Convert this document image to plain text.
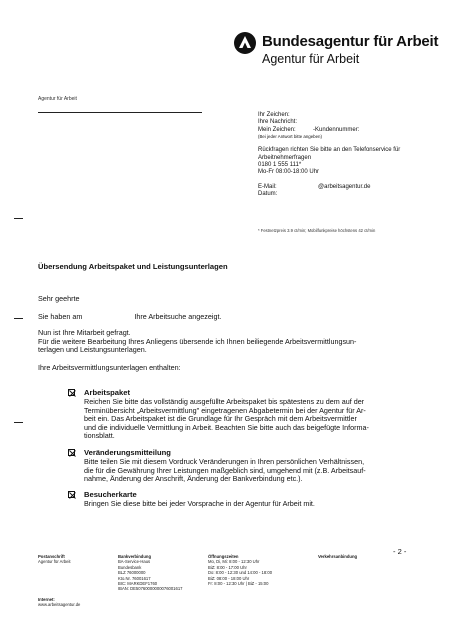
Bundesagentur für Arbeit
Agentur für Arbeit
Agentur für Arbeit
Ihr Zeichen:
Ihre Nachricht:
Mein Zeichen:	-Kundennummer:
(Bei jeder Antwort bitte angeben)
Rückfragen richten Sie bitte an den Telefonservice für
Arbeitnehmerfragen
0180 1 555 111*
Mo-Fr 08:00-18:00 Uhr
E-Mail:	@arbeitsagentur.de
Datum:
* Festnetzpreis 3.9 ct/min; Mobilfunkpreise höchstens 42 ct/min
Übersendung Arbeitspaket und Leistungsunterlagen
Sehr geehrte
Sie haben am	Ihre Arbeitsuche angezeigt.
Nun ist Ihre Mitarbeit gefragt.
Für die weitere Bearbeitung Ihres Anliegens übersende ich Ihnen beiliegende Arbeitsvermittlungsun-
terlagen und Leistungsunterlagen.
Ihre Arbeitsvermittlungsunterlagen enthalten:
Arbeitspaket
Reichen Sie bitte das vollständig ausgefüllte Arbeitspaket bis spätestens zu dem auf der
Terminübersicht „Arbeitsvermittlung" eingetragenen Abgabetermin bei der Agentur für Ar-
beit ein. Das Arbeitspaket ist die Grundlage für Ihr Gespräch mit dem Arbeitsvermittler
und die individuelle Vermittlung in Arbeit. Beachten Sie bitte auch das beigefügte Informa-
tionsblatt.
Veränderungsmitteilung
Bitte teilen Sie mit diesem Vordruck Veränderungen in Ihren persönlichen Verhältnissen,
die für die Gewährung Ihrer Leistungen maßgeblich sind, umgehend mit (z.B. Arbeitsauf-
nahme, Änderung der Anschrift, Änderung der Bankverbindung etc.).
Besucherkarte
Bringen Sie diese bitte bei jeder Vorsprache in der Agentur für Arbeit mit.
- 2 -
Postanschrift
Agentur für Arbeit
Internet:
www.arbeitsagentur.de
Bankverbindung
BA-Service-Haus
Bundesbank
BLZ 76000000
Kto.Nr. 76001617
BIC: MARKDEF1760
IBAN: DE50760000000076001617
Öffnungszeiten
Mo, Di, Mi: 8:00 - 12:30 Uhr
BiZ: 8:00 - 17:00 Uhr
Do: 8:00 - 12:30 und 14:00 - 18:00
BiZ: 08:00 - 18:00 Uhr
Fr: 8:00 - 12:30 Uhr | BiZ - 15:00
Verkehrsanbindung
